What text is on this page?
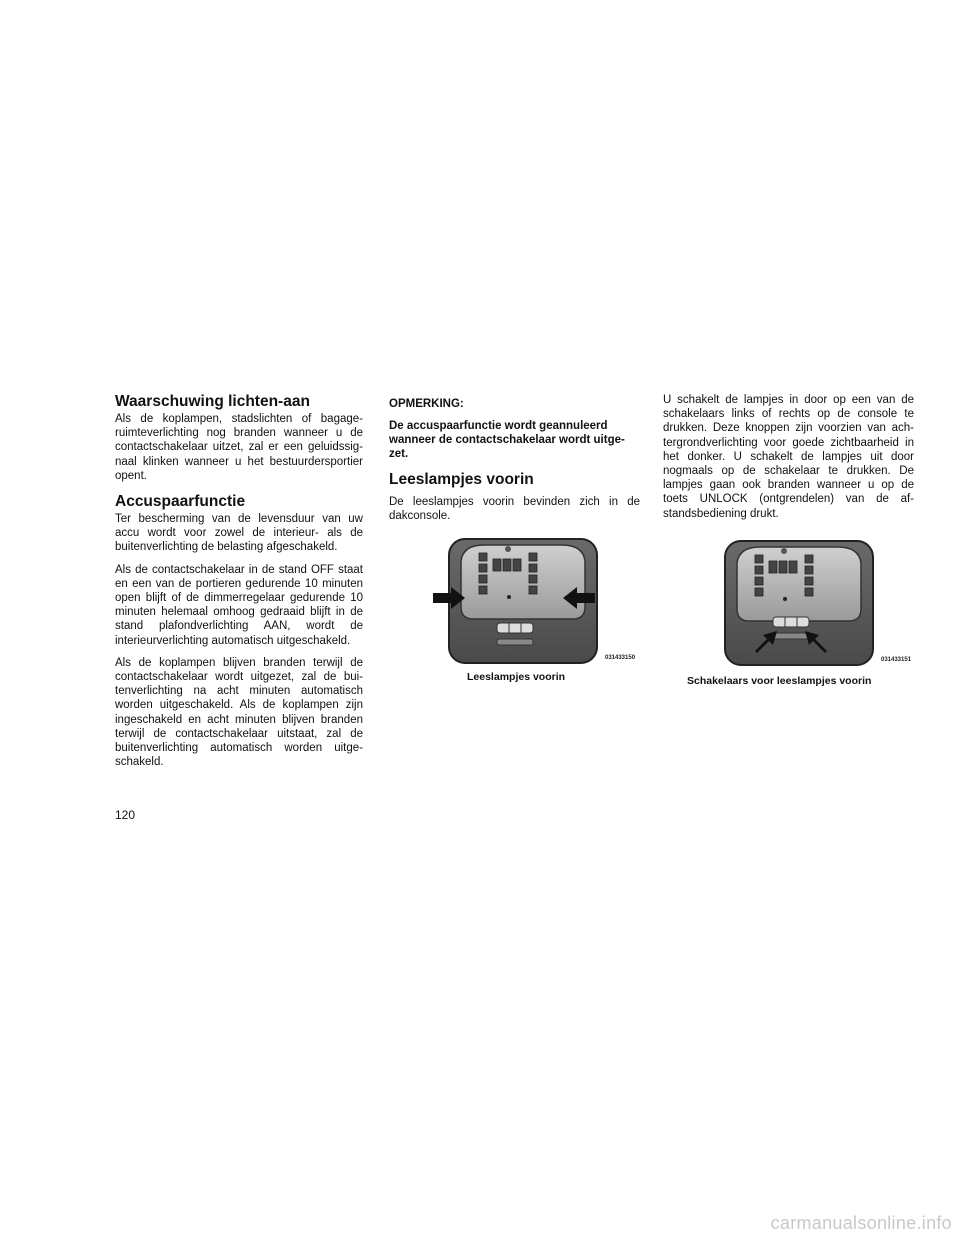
Waarschuwing lichten-aan

Als de koplampen, stadslichten of bagage-ruimteverlichting nog branden wanneer u de contactschakelaar uitzet, zal er een geluidssig-naal klinken wanneer u het bestuurdersportier opent.

Accuspaarfunctie

Ter bescherming van de levensduur van uw accu wordt voor zowel de interieur- als de buitenverlichting de belasting afgeschakeld.

Als de contactschakelaar in de stand OFF staat en een van de portieren gedurende 10 minuten open blijft of de dimmerregelaar gedurende 10 minuten helemaal omhoog gedraaid blijft in de stand plafondverlichting AAN, wordt de interieurverlichting automatisch uitgeschakeld.

Als de koplampen blijven branden terwijl de contactschakelaar wordt uitgezet, zal de bui-tenverlichting na acht minuten automatisch worden uitgeschakeld. Als de koplampen zijn ingeschakeld en acht minuten blijven branden terwijl de contactschakelaar uitstaat, zal de buitenverlichting automatisch worden uitge-schakeld.

OPMERKING:
De accuspaarfunctie wordt geannuleerd wanneer de contactschakelaar wordt uitge-zet.
Leeslampjes voorin

De leeslampjes voorin bevinden zich in de dakconsole.

031433150
Leeslampjes voorin

U schakelt de lampjes in door op een van de schakelaars links of rechts op de console te drukken. Deze knoppen zijn voorzien van ach-tergrondverlichting voor goede zichtbaarheid in het donker. U schakelt de lampjes uit door nogmaals op de schakelaar te drukken. De lampjes gaan ook branden wanneer u op de toets UNLOCK (ontgrendelen) van de af-standsbediening drukt.

031433151
Schakelaars voor leeslampjes voorin
120
carmanualsonline.info
